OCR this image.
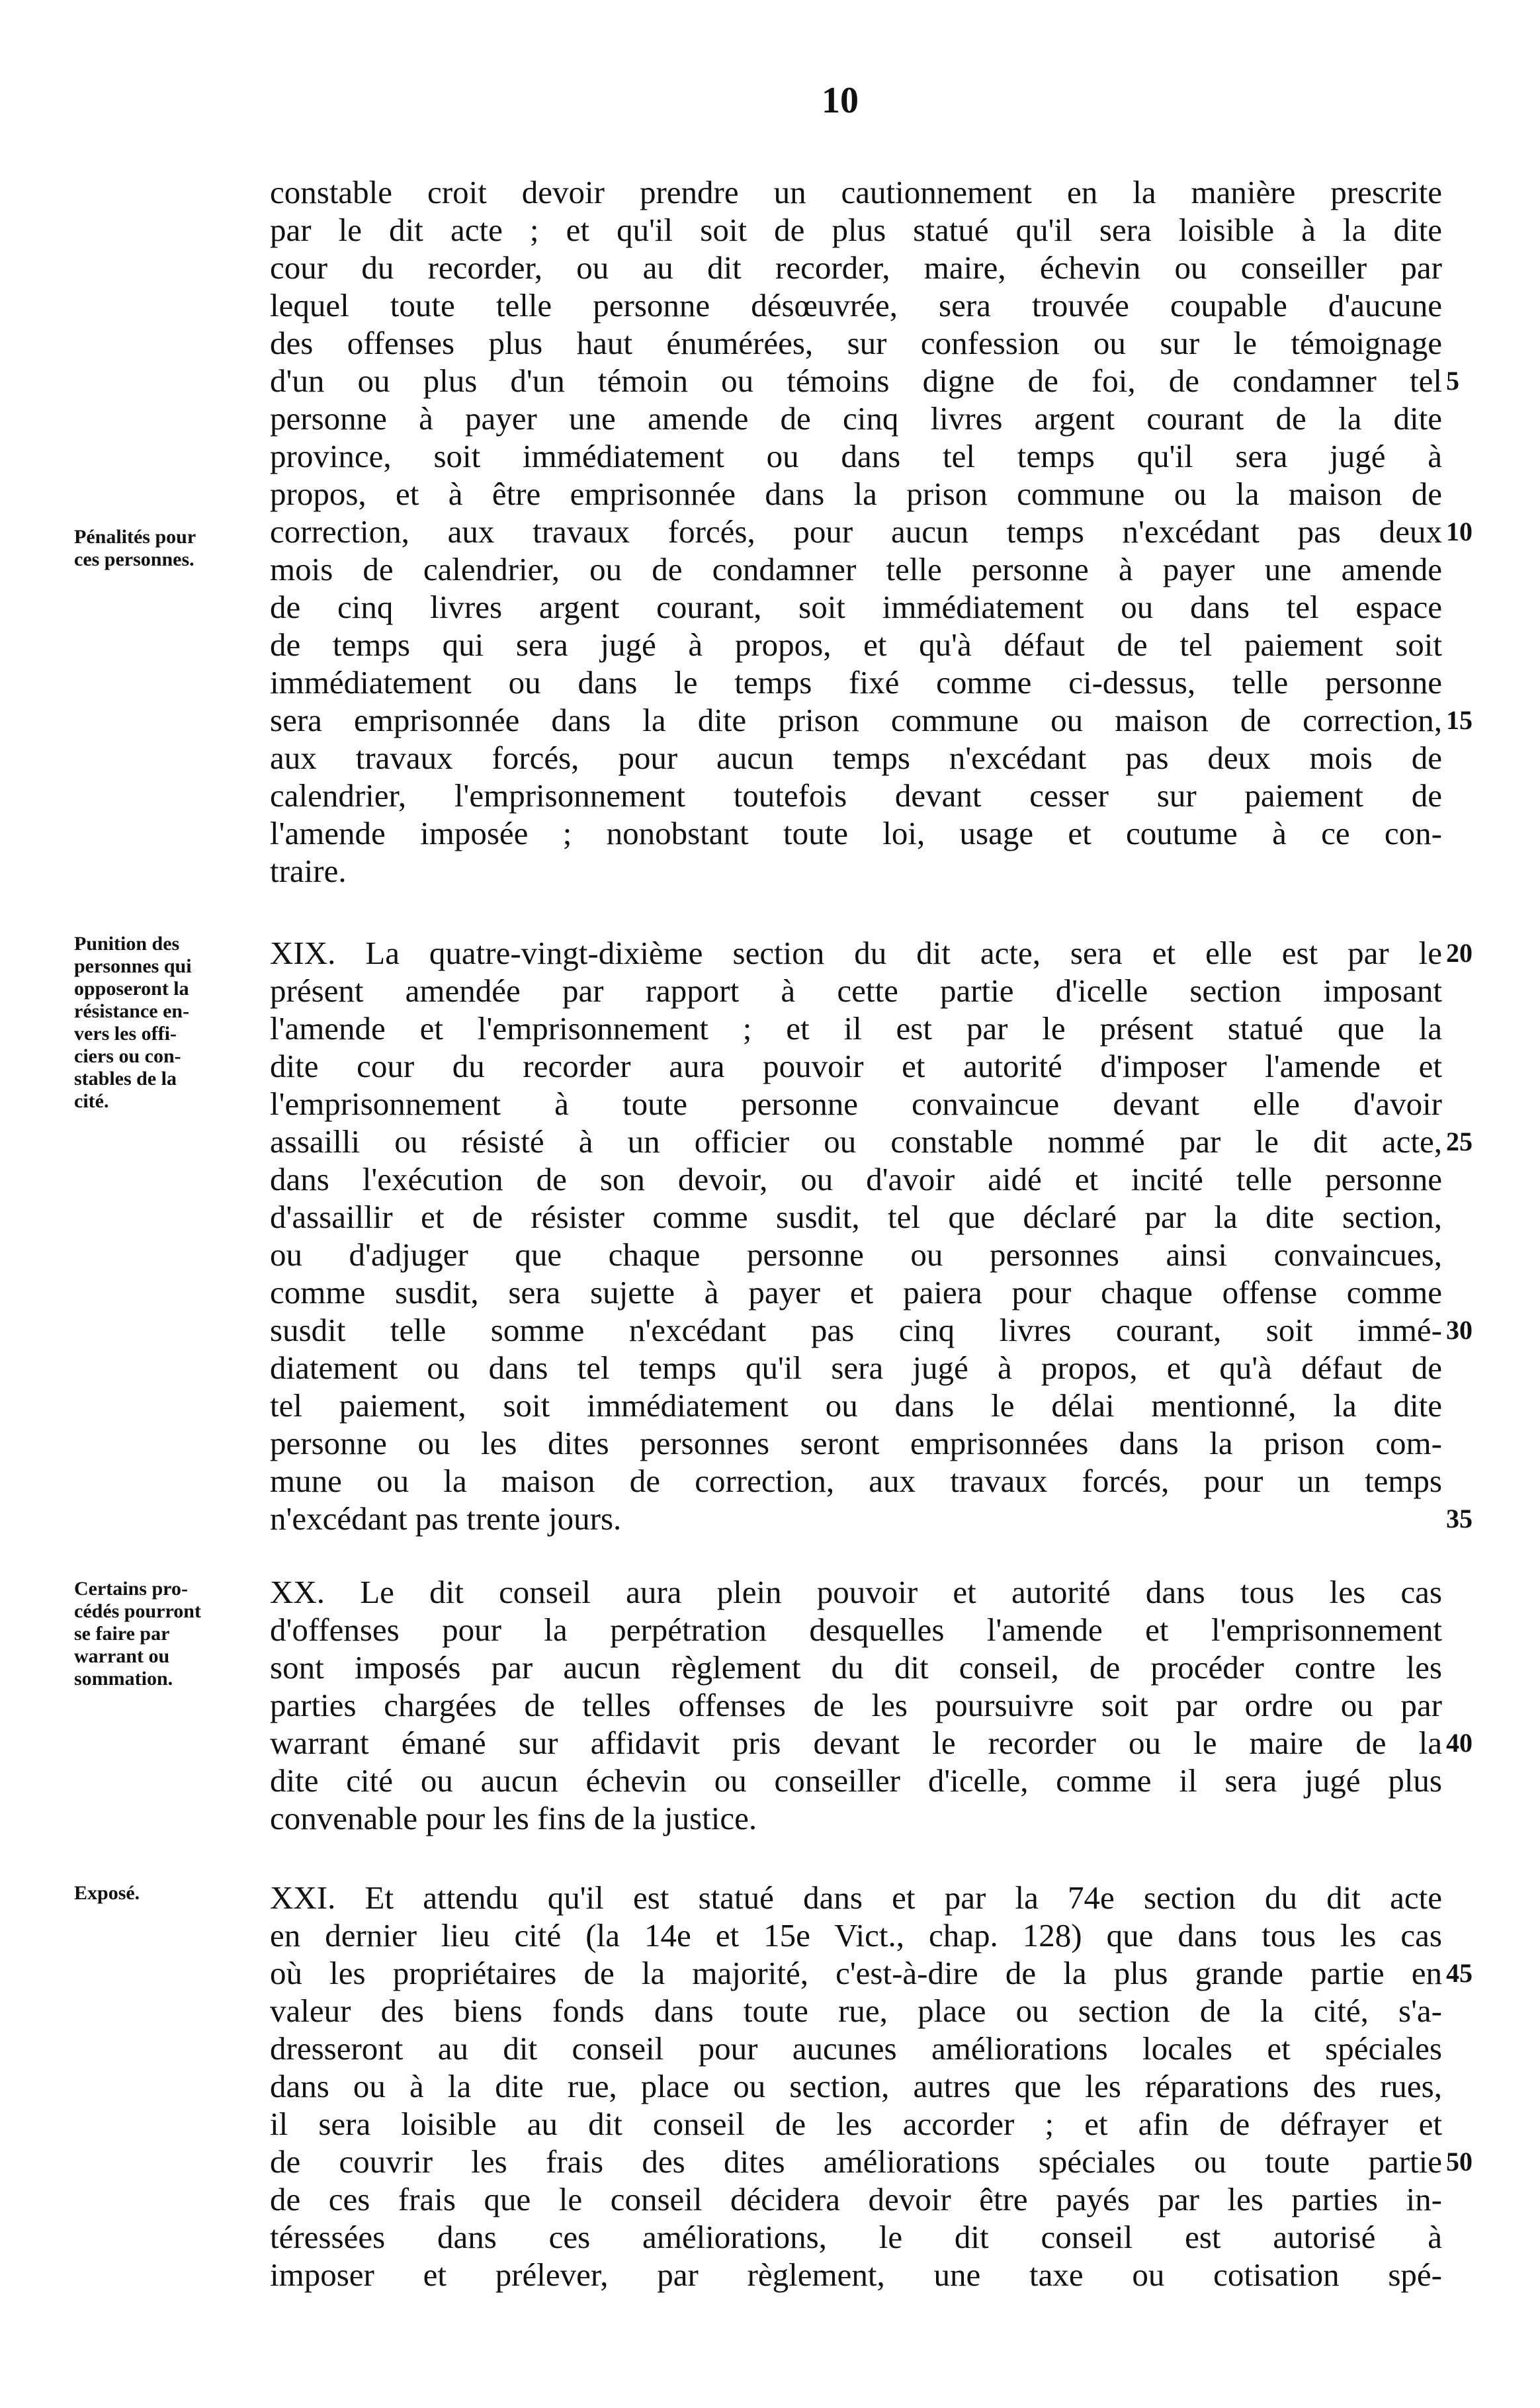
10
constable croit devoir prendre un cautionnement en la manière prescrite
par le dit acte ; et qu'il soit de plus statué qu'il sera loisible à la dite
cour du recorder, ou au dit recorder, maire, échevin ou conseiller par
lequel toute telle personne désœuvrée, sera trouvée coupable d'aucune
des offenses plus haut énumérées, sur confession ou sur le témoignage
d'un ou plus d'un témoin ou témoins digne de foi, de condamner tel
personne à payer une amende de cinq livres argent courant de la dite
province, soit immédiatement ou dans tel temps qu'il sera jugé à
propos, et à être emprisonnée dans la prison commune ou la maison de
correction, aux travaux forcés, pour aucun temps n'excédant pas deux
mois de calendrier, ou de condamner telle personne à payer une amende
de cinq livres argent courant, soit immédiatement ou dans tel espace
de temps qui sera jugé à propos, et qu'à défaut de tel paiement soit
immédiatement ou dans le temps fixé comme ci-dessus, telle personne
sera emprisonnée dans la dite prison commune ou maison de correction,
aux travaux forcés, pour aucun temps n'excédant pas deux mois de
calendrier, l'emprisonnement toutefois devant cesser sur paiement de
l'amende imposée ; nonobstant toute loi, usage et coutume à ce con-
traire.
XIX. La quatre-vingt-dixième section du dit acte, sera et elle est par le
présent amendée par rapport à cette partie d'icelle section imposant
l'amende et l'emprisonnement ; et il est par le présent statué que la
dite cour du recorder aura pouvoir et autorité d'imposer l'amende et
l'emprisonnement à toute personne convaincue devant elle d'avoir
assailli ou résisté à un officier ou constable nommé par le dit acte,
dans l'exécution de son devoir, ou d'avoir aidé et incité telle personne
d'assaillir et de résister comme susdit, tel que déclaré par la dite section,
ou d'adjuger que chaque personne ou personnes ainsi convaincues,
comme susdit, sera sujette à payer et paiera pour chaque offense comme
susdit telle somme n'excédant pas cinq livres courant, soit immé-
diatement ou dans tel temps qu'il sera jugé à propos, et qu'à défaut de
tel paiement, soit immédiatement ou dans le délai mentionné, la dite
personne ou les dites personnes seront emprisonnées dans la prison com-
mune ou la maison de correction, aux travaux forcés, pour un temps
n'excédant pas trente jours.
XX. Le dit conseil aura plein pouvoir et autorité dans tous les cas
d'offenses pour la perpétration desquelles l'amende et l'emprisonnement
sont imposés par aucun règlement du dit conseil, de procéder contre les
parties chargées de telles offenses de les poursuivre soit par ordre ou par
warrant émané sur affidavit pris devant le recorder ou le maire de la
dite cité ou aucun échevin ou conseiller d'icelle, comme il sera jugé plus
convenable pour les fins de la justice.
XXI. Et attendu qu'il est statué dans et par la 74e section du dit acte
en dernier lieu cité (la 14e et 15e Vict., chap. 128) que dans tous les cas
où les propriétaires de la majorité, c'est-à-dire de la plus grande partie en
valeur des biens fonds dans toute rue, place ou section de la cité, s'a-
dresseront au dit conseil pour aucunes améliorations locales et spéciales
dans ou à la dite rue, place ou section, autres que les réparations des rues,
il sera loisible au dit conseil de les accorder ; et afin de défrayer et
de couvrir les frais des dites améliorations spéciales ou toute partie
de ces frais que le conseil décidera devoir être payés par les parties in-
téressées dans ces améliorations, le dit conseil est autorisé à
imposer et prélever, par règlement, une taxe ou cotisation spé-
Pénalités pour
ces personnes.
Punition des
personnes qui
opposeront la
résistance en-
vers les offi-
ciers ou con-
stables de la
cité.
Certains pro-
cédés pourront
se faire par
warrant ou
sommation.
Exposé.
5
10
15
20
25
30
35
40
45
50
